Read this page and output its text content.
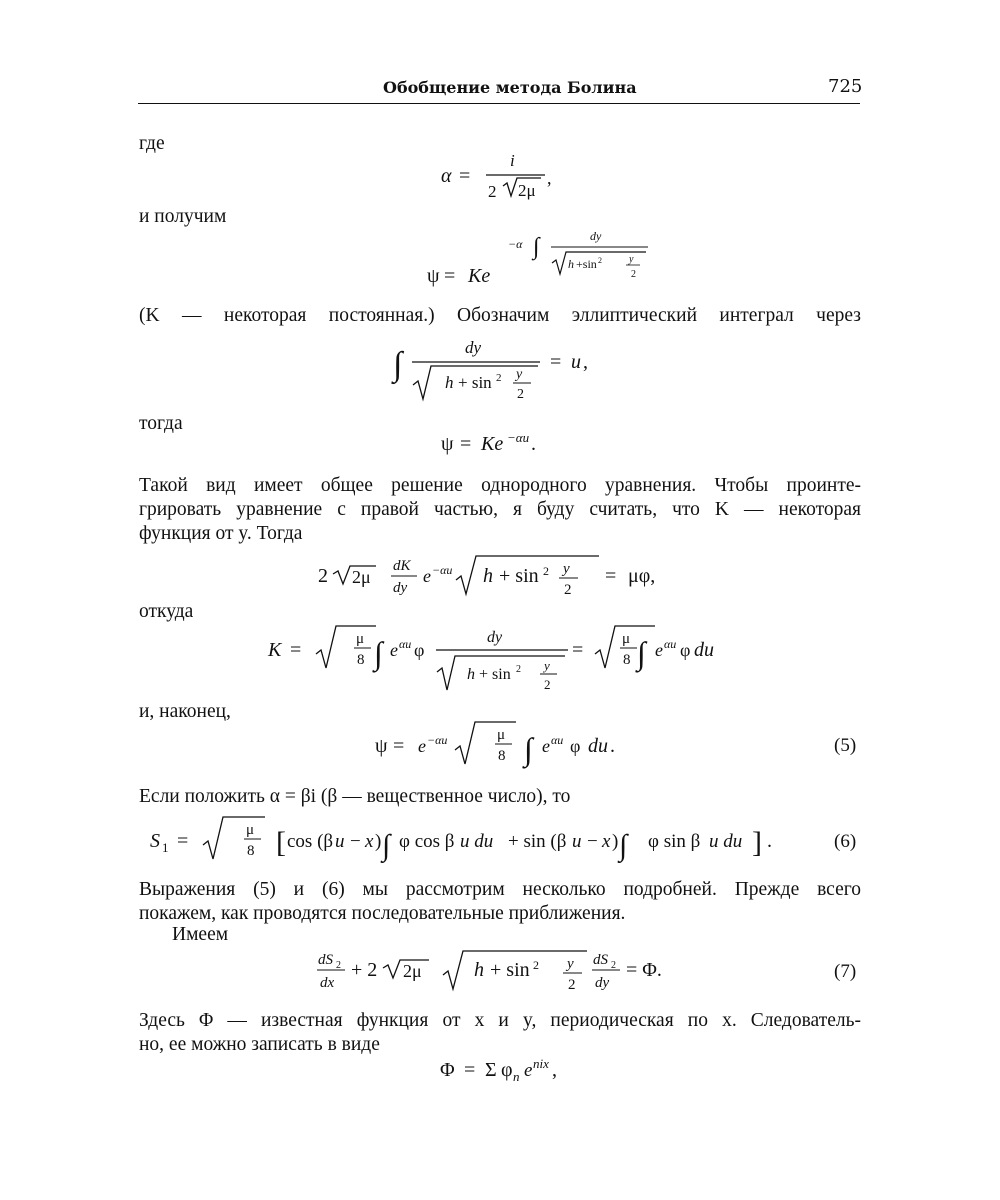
Обобщение метода Болина	725
где
и получим
(K — некоторая постоянная.) Обозначим эллиптический интеграл через
тогда
Такой вид имеет общее решение однородного уравнения. Чтобы проинте-
грировать уравнение с правой частью, я буду считать, что K — некоторая
функция от y. Тогда
откуда
и, наконец,
Если положить α = βi (β — вещественное число), то
Выражения (5) и (6) мы рассмотрим несколько подробней. Прежде всего
покажем, как проводятся последовательные приближения.
Имеем
Здесь Φ — известная функция от x и y, периодическая по x. Следователь-
но, ее можно записать в виде
(5)
(6)
(7)
α =
i
2 2μ
,
ψ = Ke
−α ∫	dy
h +sin 2	y
2
∫	dy
h + sin 2 y
2
= u ,
ψ = Ke −αu .
2 2μ
dK
dy
e −αu h + sin 2 y
2
= μφ,
K =	μ
8 ∫ e αu φ
dy
h + sin 2 y
2
=	μ
8 ∫ e αu φ du
ψ = e −αu	μ
8 ∫ e αu φ du .
S 1 =	μ
8 [ cos (β u − x ) ∫ φ cos β u du + sin (β u − x ) ∫ φ sin β u du ] .
dS 2
dx
+ 2 2μ	h + sin 2 y
2
dS 2
dy
= Φ.
Φ = Σ φ n e nix ,
